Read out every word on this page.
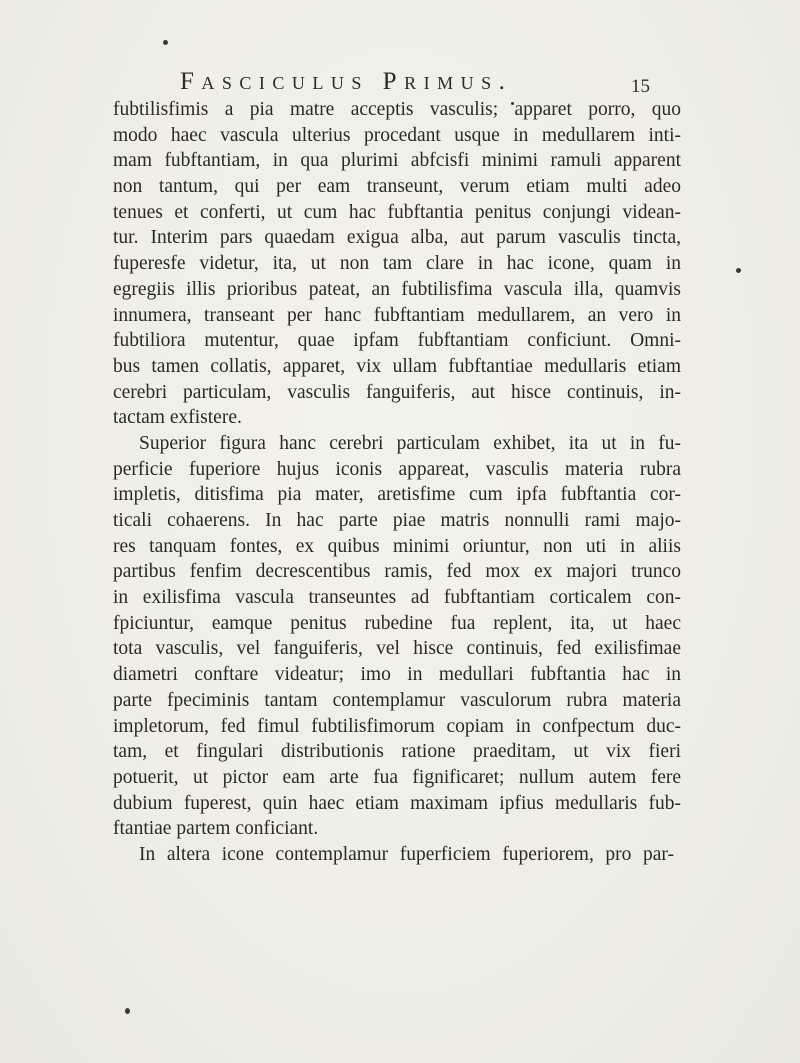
Fasciculus Primus.	15
fubtilisfimis a pia matre acceptis vasculis; apparet porro, quo
modo haec vascula ulterius procedant usque in medullarem inti-
mam fubftantiam, in qua plurimi abfcisfi minimi ramuli apparent
non tantum, qui per eam transeunt, verum etiam multi adeo
tenues et conferti, ut cum hac fubftantia penitus conjungi videan-
tur. Interim pars quaedam exigua alba, aut parum vasculis tincta,
fuperesfe videtur, ita, ut non tam clare in hac icone, quam in
egregiis illis prioribus pateat, an fubtilisfima vascula illa, quamvis
innumera, transeant per hanc fubftantiam medullarem, an vero in
fubtiliora mutentur, quae ipfam fubftantiam conficiunt. Omni-
bus tamen collatis, apparet, vix ullam fubftantiae medullaris etiam
cerebri particulam, vasculis fanguiferis, aut hisce continuis, in-
tactam exfistere.
Superior figura hanc cerebri particulam exhibet, ita ut in fu-
perficie fuperiore hujus iconis appareat, vasculis materia rubra
impletis, ditisfima pia mater, aretisfime cum ipfa fubftantia cor-
ticali cohaerens. In hac parte piae matris nonnulli rami majo-
res tanquam fontes, ex quibus minimi oriuntur, non uti in aliis
partibus fenfim decrescentibus ramis, fed mox ex majori trunco
in exilisfima vascula transeuntes ad fubftantiam corticalem con-
fpiciuntur, eamque penitus rubedine fua replent, ita, ut haec
tota vasculis, vel fanguiferis, vel hisce continuis, fed exilisfimae
diametri conftare videatur; imo in medullari fubftantia hac in
parte fpeciminis tantam contemplamur vasculorum rubra materia
impletorum, fed fimul fubtilisfimorum copiam in confpectum duc-
tam, et fingulari distributionis ratione praeditam, ut vix fieri
potuerit, ut pictor eam arte fua fignificaret; nullum autem fere
dubium fuperest, quin haec etiam maximam ipfius medullaris fub-
ftantiae partem conficiant.
In altera icone contemplamur fuperficiem fuperiorem, pro par-
